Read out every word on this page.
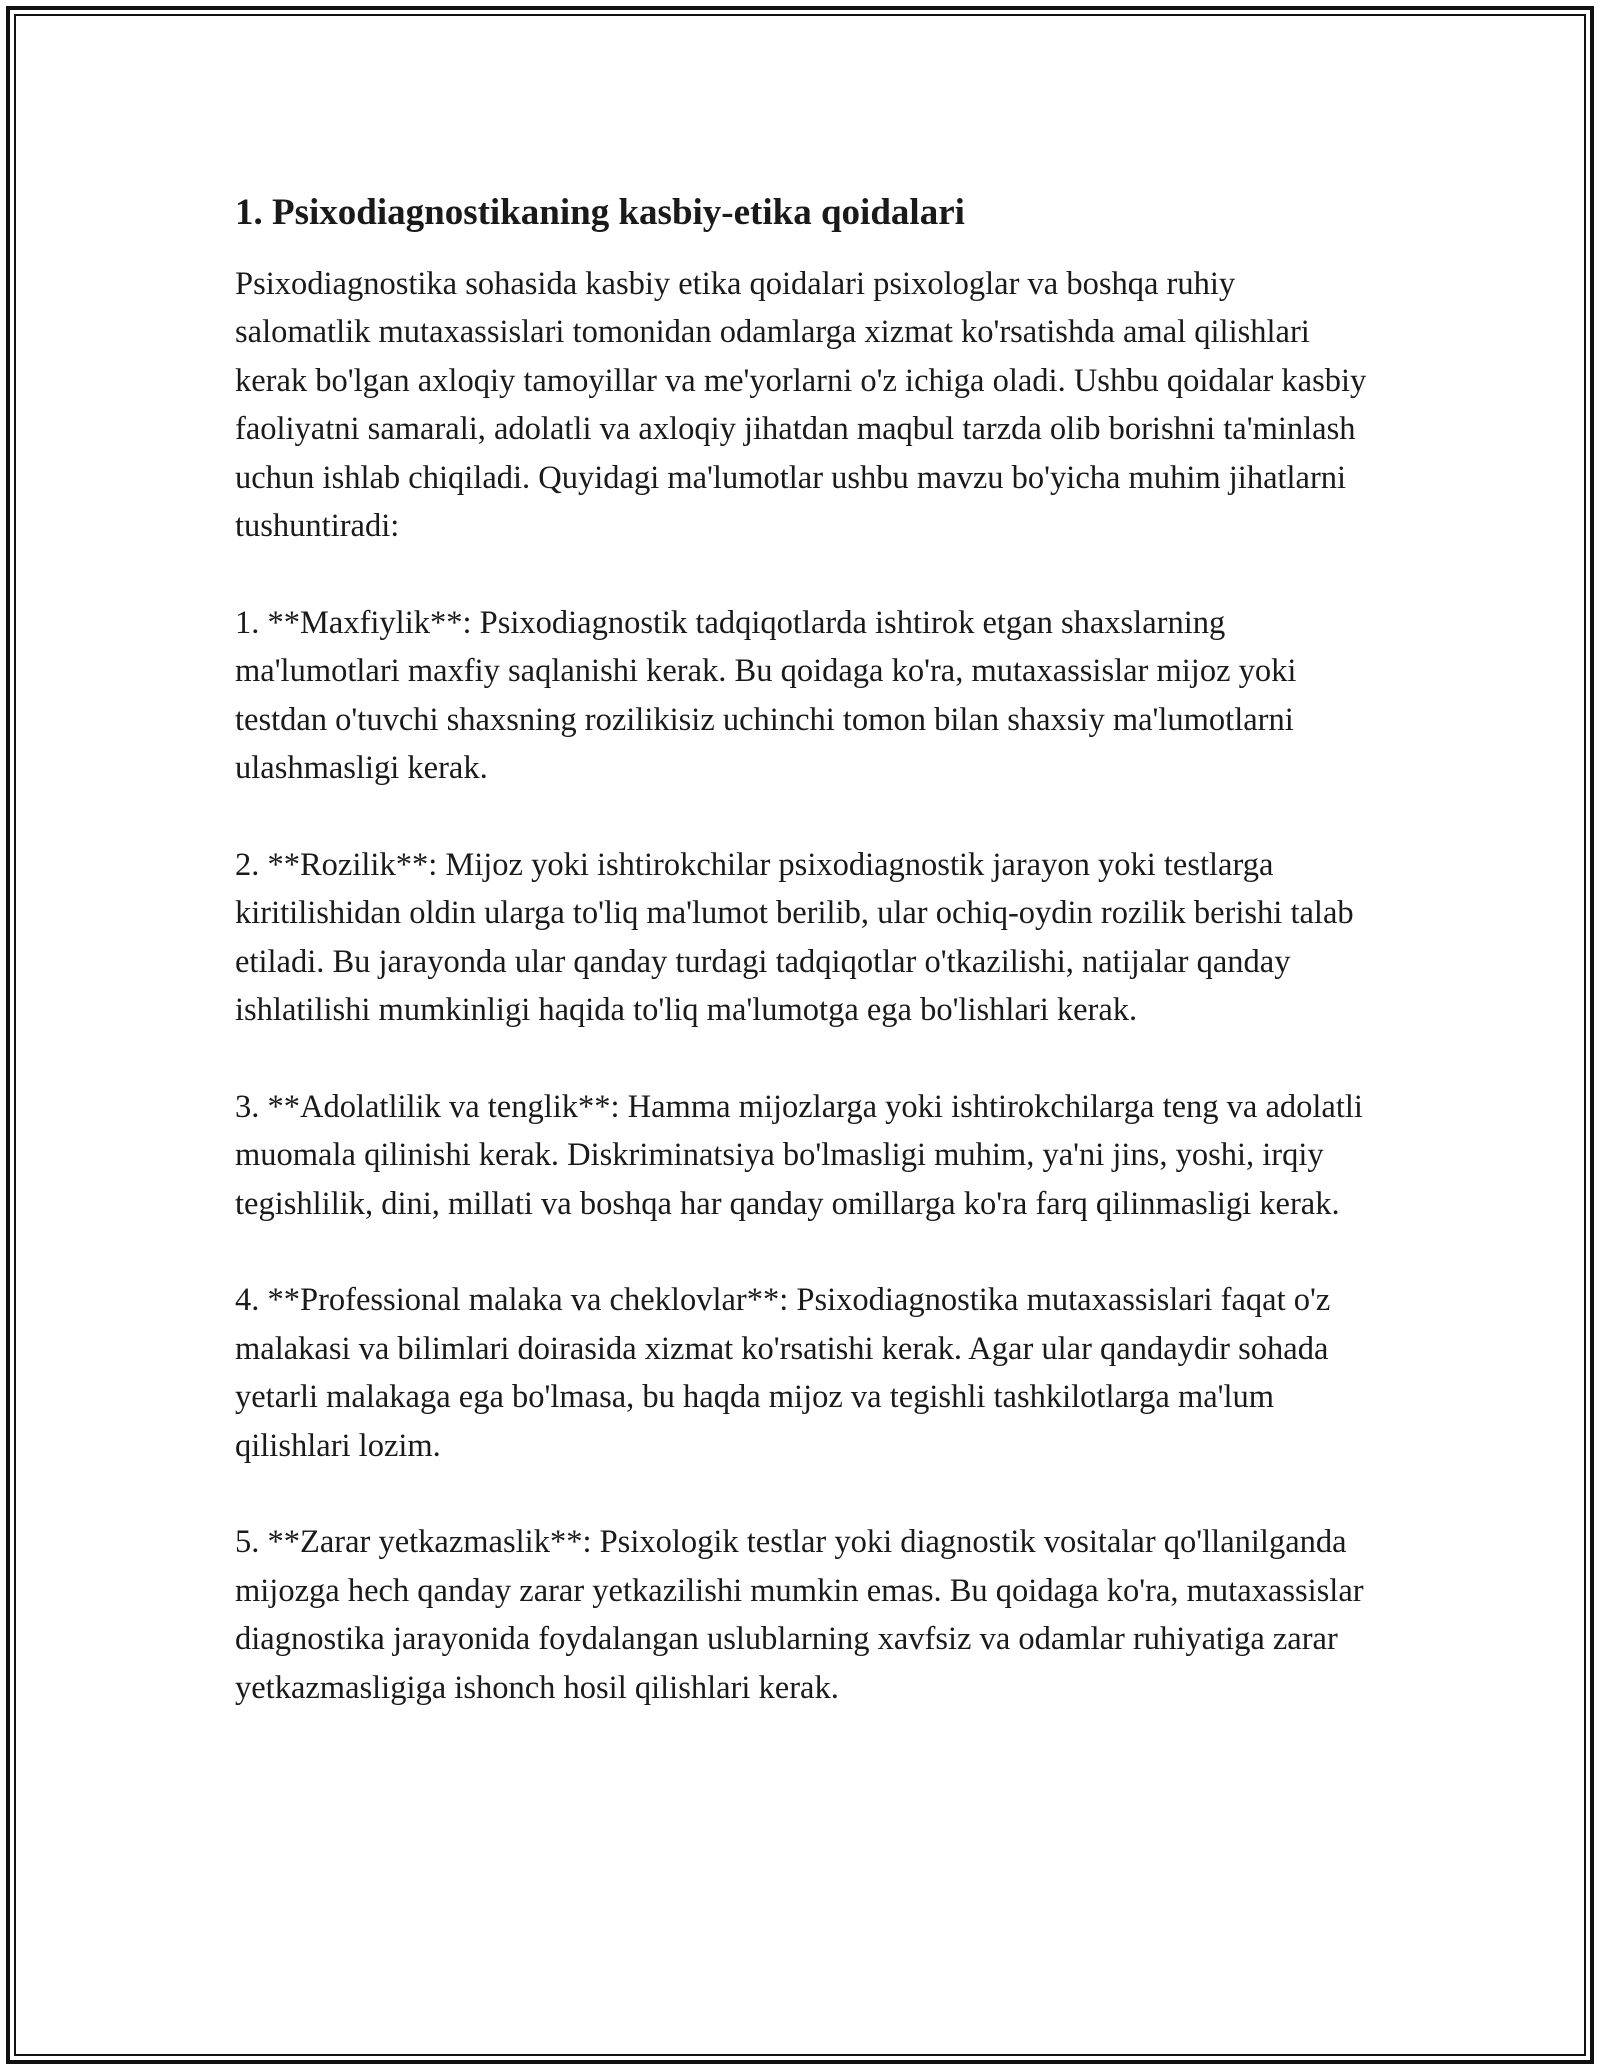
1. Psixodiagnostikaning kasbiy-etika qoidalari

Psixodiagnostika sohasida kasbiy etika qoidalari psixologlar va boshqa ruhiy salomatlik mutaxassislari tomonidan odamlarga xizmat ko'rsatishda amal qilishlari kerak bo'lgan axloqiy tamoyillar va me'yorlarni o'z ichiga oladi. Ushbu qoidalar kasbiy faoliyatni samarali, adolatli va axloqiy jihatdan maqbul tarzda olib borishni ta'minlash uchun ishlab chiqiladi. Quyidagi ma'lumotlar ushbu mavzu bo'yicha muhim jihatlarni tushuntiradi:

1. **Maxfiylik**: Psixodiagnostik tadqiqotlarda ishtirok etgan shaxslarning ma'lumotlari maxfiy saqlanishi kerak. Bu qoidaga ko'ra, mutaxassislar mijoz yoki testdan o'tuvchi shaxsning rozilikisiz uchinchi tomon bilan shaxsiy ma'lumotlarni ulashmasligi kerak.

2. **Rozilik**: Mijoz yoki ishtirokchilar psixodiagnostik jarayon yoki testlarga kiritilishidan oldin ularga to'liq ma'lumot berilib, ular ochiq-oydin rozilik berishi talab etiladi. Bu jarayonda ular qanday turdagi tadqiqotlar o'tkazilishi, natijalar qanday ishlatilishi mumkinligi haqida to'liq ma'lumotga ega bo'lishlari kerak.

3. **Adolatlilik va tenglik**: Hamma mijozlarga yoki ishtirokchilarga teng va adolatli muomala qilinishi kerak. Diskriminatsiya bo'lmasligi muhim, ya'ni jins, yoshi, irqiy tegishlilik, dini, millati va boshqa har qanday omillarga ko'ra farq qilinmasligi kerak.

4. **Professional malaka va cheklovlar**: Psixodiagnostika mutaxassislari faqat o'z malakasi va bilimlari doirasida xizmat ko'rsatishi kerak. Agar ular qandaydir sohada yetarli malakaga ega bo'lmasa, bu haqda mijoz va tegishli tashkilotlarga ma'lum qilishlari lozim.

5. **Zarar yetkazmaslik**: Psixologik testlar yoki diagnostik vositalar qo'llanilganda mijozga hech qanday zarar yetkazilishi mumkin emas. Bu qoidaga ko'ra, mutaxassislar diagnostika jarayonida foydalangan uslublarning xavfsiz va odamlar ruhiyatiga zarar yetkazmasligiga ishonch hosil qilishlari kerak.
